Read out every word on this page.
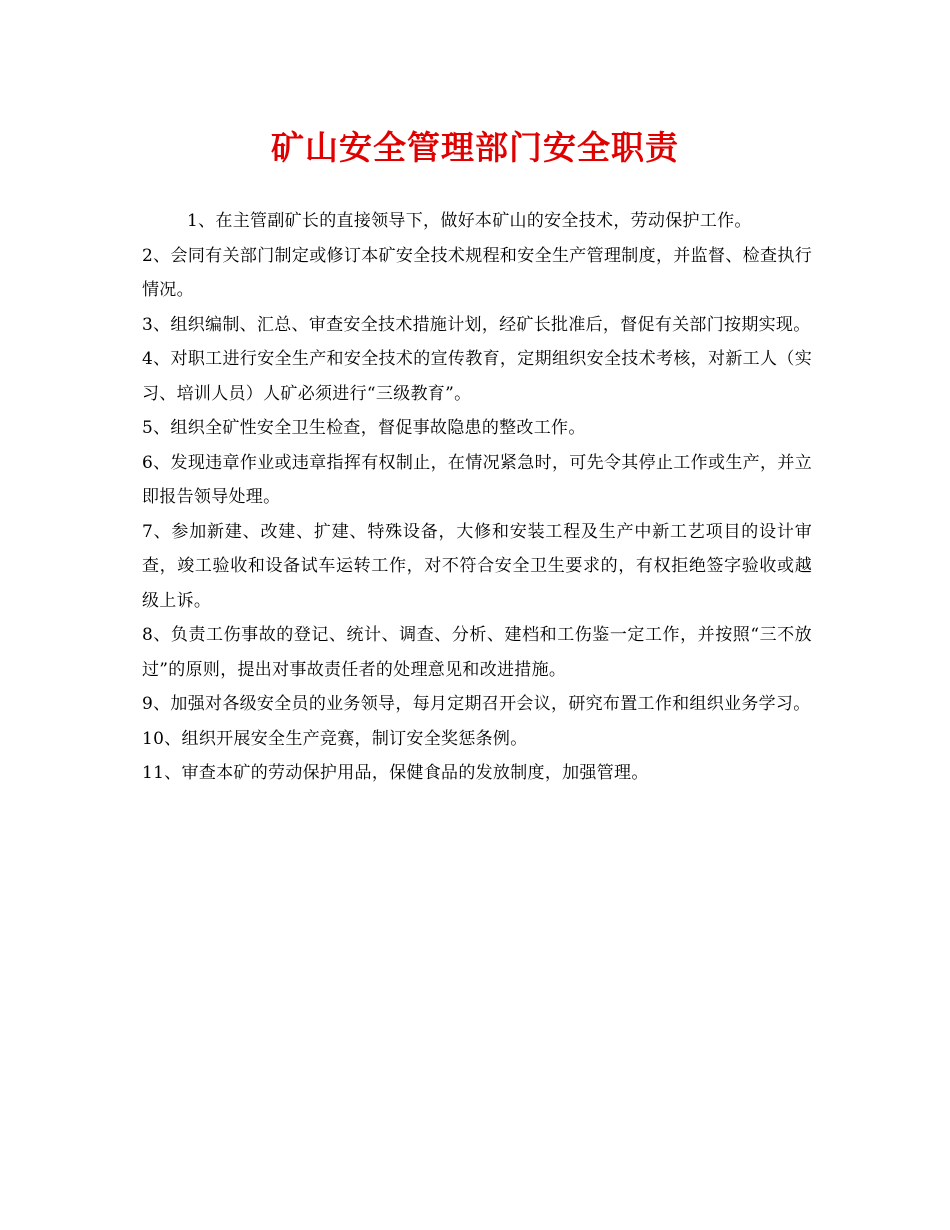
矿山安全管理部门安全职责

1、在主管副矿长的直接领导下，做好本矿山的安全技术，劳动保护工作。

2、会同有关部门制定或修订本矿安全技术规程和安全生产管理制度，并监督、检查执行情况。

3、组织编制、汇总、审查安全技术措施计划，经矿长批准后，督促有关部门按期实现。

4、对职工进行安全生产和安全技术的宣传教育，定期组织安全技术考核，对新工人（实习、培训人员）人矿必须进行“三级教育”。

5、组织全矿性安全卫生检查，督促事故隐患的整改工作。

6、发现违章作业或违章指挥有权制止，在情况紧急时，可先令其停止工作或生产，并立即报告领导处理。

7、参加新建、改建、扩建、特殊设备，大修和安装工程及生产中新工艺项目的设计审查，竣工验收和设备试车运转工作，对不符合安全卫生要求的，有权拒绝签字验收或越级上诉。

8、负责工伤事故的登记、统计、调查、分析、建档和工伤鉴一定工作，并按照“三不放过”的原则，提出对事故责任者的处理意见和改进措施。

9、加强对各级安全员的业务领导，每月定期召开会议，研究布置工作和组织业务学习。

10、组织开展安全生产竞赛，制订安全奖惩条例。

11、审查本矿的劳动保护用品，保健食品的发放制度，加强管理。
